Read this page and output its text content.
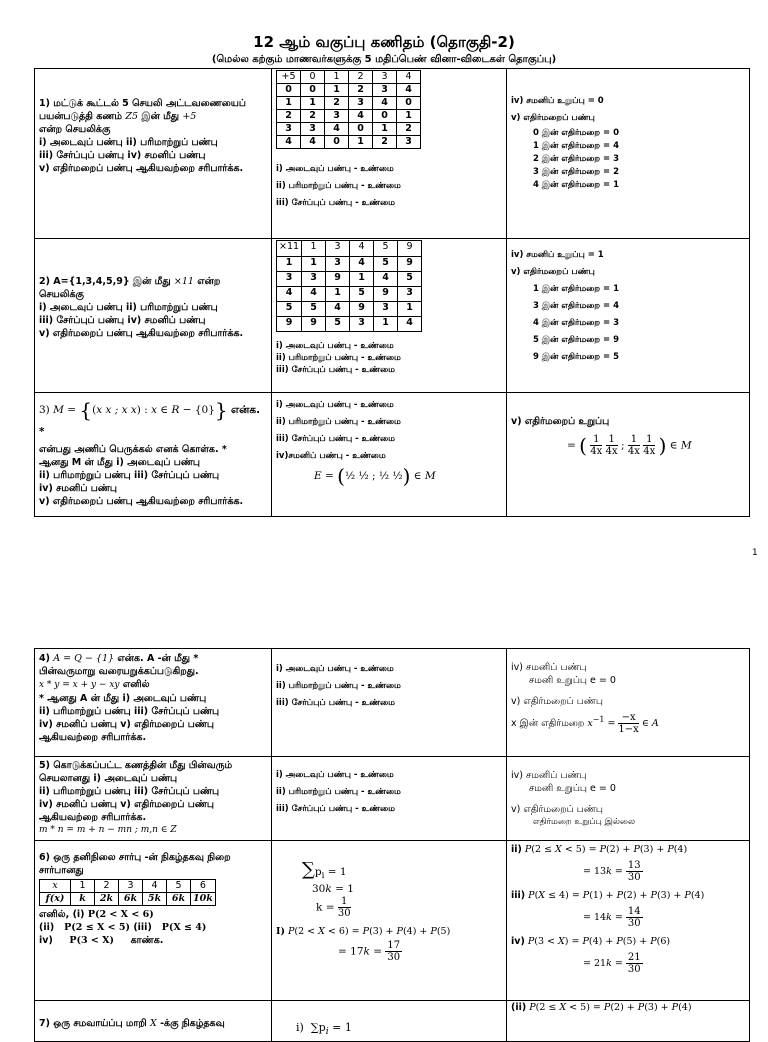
12 ஆம் வகுப்பு கணிதம் (தொகுதி-2)
(மெல்ல கற்கும் மாணவர்களுக்கு 5 மதிப்பெண் வினா-விடைகள் தொகுப்பு)
1) மட்டுக் கூட்டல் 5 செயலி அட்டவணையைப் பயன்படுத்தி கணம் Z5 இன் மீது +5
என்ற செயலிக்கு
i) அடைவுப் பண்பு ii) பரிமாற்றுப் பண்பு
iii) சேர்ப்புப் பண்பு iv) சமனிப் பண்பு
v) எதிர்மறைப் பண்பு ஆகியவற்றை சரிபார்க்க.

+5	0	1	2	3	4
0	0	1	2	3	4
1	1	2	3	4	0
2	2	3	4	0	1
3	3	4	0	1	2
4	4	0	1	2	3
i) அடைவுப் பண்பு - உண்மை
ii) பரிமாற்றுப் பண்பு - உண்மை
iii) சேர்ப்புப் பண்பு - உண்மை

iv) சமனிப் உறுப்பு = 0
v) எதிர்மறைப் பண்பு
0 இன் எதிர்மறை = 0
1 இன் எதிர்மறை = 4
2 இன் எதிர்மறை = 3
3 இன் எதிர்மறை = 2
4 இன் எதிர்மறை = 1

2) A={1,3,4,5,9} இன் மீது ×11 என்ற செயலிக்கு
i) அடைவுப் பண்பு ii) பரிமாற்றுப் பண்பு
iii) சேர்ப்புப் பண்பு iv) சமனிப் பண்பு
v) எதிர்மறைப் பண்பு ஆகியவற்றை சரிபார்க்க.

×11	1	3	4	5	9
1	1	3	4	5	9
3	3	9	1	4	5
4	4	1	5	9	3
5	5	4	9	3	1
9	9	5	3	1	4
i) அடைவுப் பண்பு - உண்மை
ii) பரிமாற்றுப் பண்பு - உண்மை
iii) சேர்ப்புப் பண்பு - உண்மை

iv) சமனிப் உறுப்பு = 1
v) எதிர்மறைப் பண்பு
1 இன் எதிர்மறை = 1
3 இன் எதிர்மறை = 4
4 இன் எதிர்மறை = 3
5 இன் எதிர்மறை = 9
9 இன் எதிர்மறை = 5

3) M = {(x x ; x x) : x ∈ R − {0}} என்க. *
என்பது அணிப் பெருக்கல் எனக் கொள்க. *
ஆனது M ன் மீது i) அடைவுப் பண்பு
ii) பரிமாற்றுப் பண்பு iii) சேர்ப்புப் பண்பு
iv) சமனிப் பண்பு
v) எதிர்மறைப் பண்பு ஆகியவற்றை சரிபார்க்க.

i) அடைவுப் பண்பு - உண்மை
ii) பரிமாற்றுப் பண்பு - உண்மை
iii) சேர்ப்புப் பண்பு - உண்மை
iv)சமனிப் பண்பு - உண்மை
E = (½ ½ ; ½ ½) ∈ M

v) எதிர்மறைப் உறுப்பு
= ( $\frac{1}{4x}$
$\frac{1}{4x}$ ; $\frac{1}{4x}$
$\frac{1}{4x}$ ) ∈ M
1
4) A = Q − {1} என்க. A -ன் மீது *
பின்வருமாறு வரையறுக்கப்படுகிறது.
x * y = x + y − xy எனில்
* ஆனது A ன் மீது i) அடைவுப் பண்பு
ii) பரிமாற்றுப் பண்பு iii) சேர்ப்புப் பண்பு
iv) சமனிப் பண்பு v) எதிர்மறைப் பண்பு ஆகியவற்றை சரிபார்க்க.

i) அடைவுப் பண்பு - உண்மை
ii) பரிமாற்றுப் பண்பு - உண்மை
iii) சேர்ப்புப் பண்பு - உண்மை

iv) சமனிப் பண்பு
சமனி உறுப்பு e = 0
v) எதிர்மறைப் பண்பு
x இன் எதிர்மறை $x^{-1} = \frac{-x}{1-x}$ ∈ A

5) கொடுக்கப்பட்ட கணத்தின் மீது பின்வரும் செயலானது i) அடைவுப் பண்பு
ii) பரிமாற்றுப் பண்பு iii) சேர்ப்புப் பண்பு
iv) சமனிப் பண்பு v) எதிர்மறைப் பண்பு ஆகியவற்றை சரிபார்க்க.
m * n = m + n − mn ; m,n ∈ Z

i) அடைவுப் பண்பு - உண்மை
ii) பரிமாற்றுப் பண்பு - உண்மை
iii) சேர்ப்புப் பண்பு - உண்மை

iv) சமனிப் பண்பு
சமனி உறுப்பு e = 0
v) எதிர்மறைப் பண்பு
எதிர்மறை உறுப்பு இல்லை

6) ஒரு தனிநிலை சார்பு -ன் நிகழ்தகவு நிறை சார்பானது
x	1	2	3	4	5	6
f(x)	k	2k	6k	5k	6k	10k
எனில், (i) P(2 < X < 6)
(ii) P(2 ≤ X < 5) (iii) P(X ≤ 4)
iv) P(3 < X) காண்க.

$\sum p_i = 1$
30k = 1
$k = \frac{1}{30}$
I) P(2 < X < 6) = P(3) + P(4) + P(5)
= $17k = \frac{17}{30}$

ii) P(2 ≤ X < 5) = P(2) + P(3) + P(4)
= $13k = \frac{13}{30}$
iii) P(X ≤ 4) = P(1) + P(2) + P(3) + P(4)
= $14k = \frac{14}{30}$
iv) P(3 < X) = P(4) + P(5) + P(6)
= $21k = \frac{21}{30}$

7) ஒரு சமவாய்ப்பு மாறி X -க்கு நிகழ்தகவு	i)  $\sum p_i = 1$

(ii) P(2 ≤ X < 5) = P(2) + P(3) + P(4)
